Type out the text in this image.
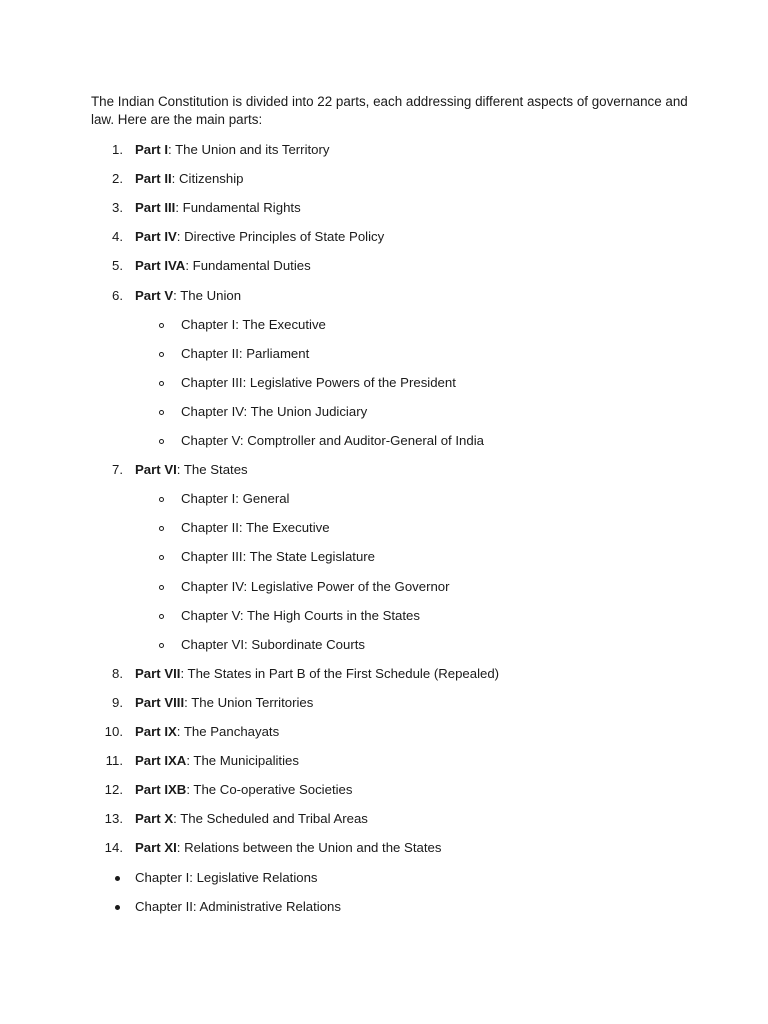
The Indian Constitution is divided into 22 parts, each addressing different aspects of governance and law. Here are the main parts:
1. Part I: The Union and its Territory
2. Part II: Citizenship
3. Part III: Fundamental Rights
4. Part IV: Directive Principles of State Policy
5. Part IVA: Fundamental Duties
6. Part V: The Union
Chapter I: The Executive
Chapter II: Parliament
Chapter III: Legislative Powers of the President
Chapter IV: The Union Judiciary
Chapter V: Comptroller and Auditor-General of India
7. Part VI: The States
Chapter I: General
Chapter II: The Executive
Chapter III: The State Legislature
Chapter IV: Legislative Power of the Governor
Chapter V: The High Courts in the States
Chapter VI: Subordinate Courts
8. Part VII: The States in Part B of the First Schedule (Repealed)
9. Part VIII: The Union Territories
10. Part IX: The Panchayats
11. Part IXA: The Municipalities
12. Part IXB: The Co-operative Societies
13. Part X: The Scheduled and Tribal Areas
14. Part XI: Relations between the Union and the States
Chapter I: Legislative Relations
Chapter II: Administrative Relations
